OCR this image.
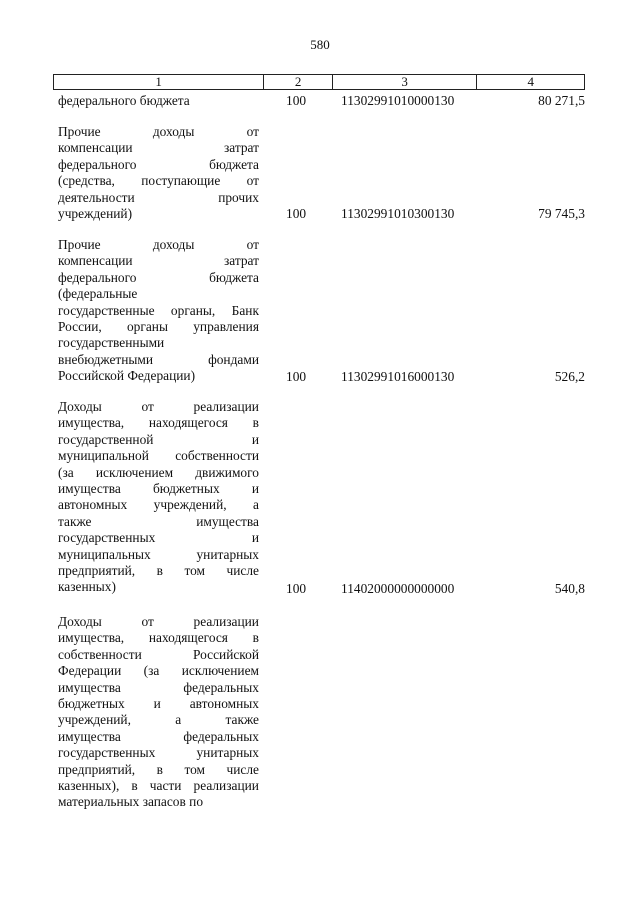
580
1	2	3	4
федерального бюджета	100	11302991010000130	80 271,5
Прочие	доходы	от
компенсации	затрат
федерального	бюджета
(средства, поступающие от
деятельности	прочих
учреждений)	100	11302991010300130	79 745,3
Прочие	доходы	от
компенсации	затрат
федерального	бюджета
(федеральные
государственные органы, Банк
России, органы управления
государственными
внебюджетными	фондами
Российской Федерации)	100	11302991016000130	526,2
Доходы	от	реализации
имущества, находящегося в
государственной	и
муниципальной собственности
(за исключением движимого
имущества бюджетных и
автономных учреждений, а
также	имущества
государственных	и
муниципальных	унитарных
предприятий, в том числе
казенных)	100	11402000000000000	540,8
Доходы	от	реализации
имущества, находящегося в
собственности	Российской
Федерации (за исключением
имущества	федеральных
бюджетных и автономных
учреждений,	а	также
имущества	федеральных
государственных	унитарных
предприятий, в том числе
казенных), в части реализации
материальных запасов по
